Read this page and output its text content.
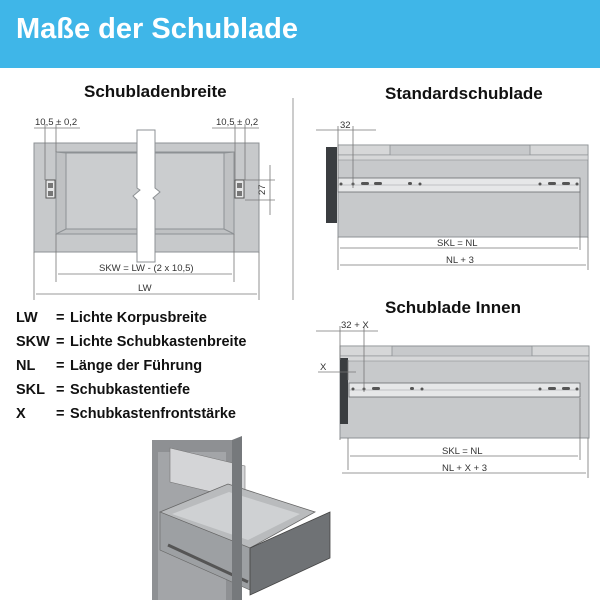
Maße der Schublade
Schubladenbreite	Standardschublade
Schublade Innen
LW	= Lichte Korpusbreite
SKW = Lichte Schubkastenbreite
NL	= Länge der Führung
SKL = Schubkastentiefe
X	= Schubkastenfrontstärke
10,5 ± 0,2	10,5 ± 0,2
27
SKW = LW - (2 x 10,5)
LW
32
SKL = NL
NL + 3
32 + X
X
SKL = NL
NL + X + 3
